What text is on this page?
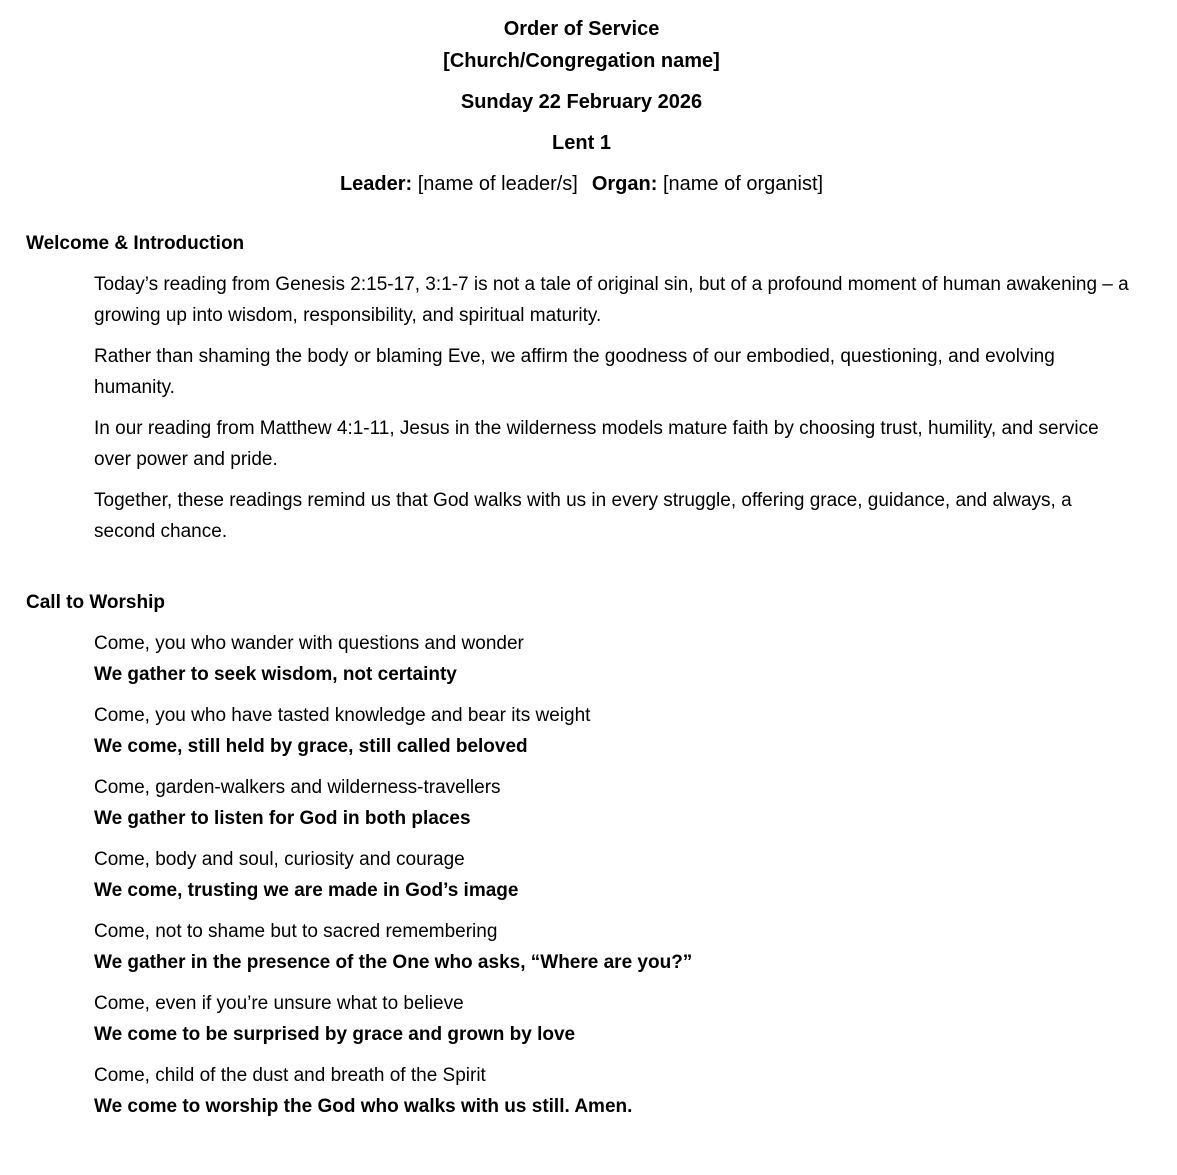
Order of Service
[Church/Congregation name]

Sunday 22 February 2026

Lent 1

Leader: [name of leader/s] Organ: [name of organist]

Welcome & Introduction

Today’s reading from Genesis 2:15-17, 3:1-7 is not a tale of original sin, but of a profound moment of human awakening – a growing up into wisdom, responsibility, and spiritual maturity.

Rather than shaming the body or blaming Eve, we affirm the goodness of our embodied, questioning, and evolving humanity.

In our reading from Matthew 4:1-11, Jesus in the wilderness models mature faith by choosing trust, humility, and service over power and pride.

Together, these readings remind us that God walks with us in every struggle, offering grace, guidance, and always, a second chance.

Call to Worship
Come, you who wander with questions and wonder
We gather to seek wisdom, not certainty
Come, you who have tasted knowledge and bear its weight
We come, still held by grace, still called beloved
Come, garden-walkers and wilderness-travellers
We gather to listen for God in both places
Come, body and soul, curiosity and courage
We come, trusting we are made in God’s image
Come, not to shame but to sacred remembering
We gather in the presence of the One who asks, “Where are you?”
Come, even if you’re unsure what to believe
We come to be surprised by grace and grown by love
Come, child of the dust and breath of the Spirit
We come to worship the God who walks with us still. Amen.
